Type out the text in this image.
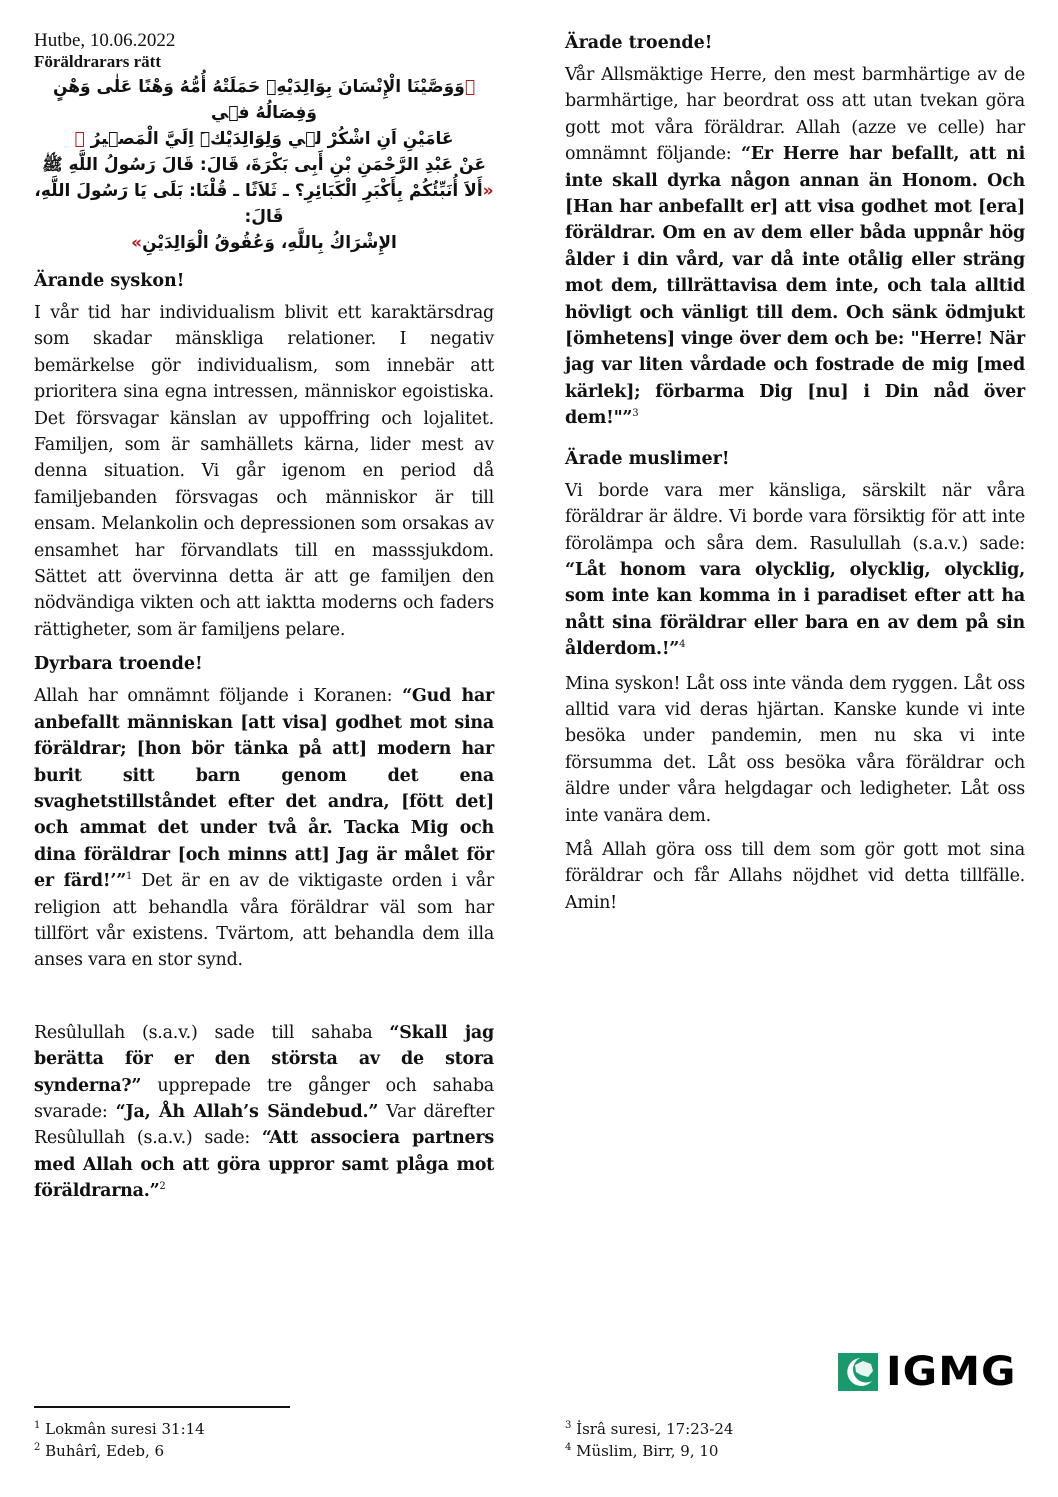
Hutbe, 10.06.2022

Föräldrarars rätt

﴿وَوَصَّيْنَا الْإِنْسَانَ بِوَالِدَيْهِۚ حَمَلَتْهُ أُمُّهُ وَهْنًا عَلٰى وَهْنٍ وَفِصَالُهُ فٖي

عَامَيْنِ اَنِ اشْكُرْ لٖي وَلِوَالِدَيْكَۜ اِلَيَّ الْمَصٖيرُ ﴾

عَنْ عَبْدِ الرَّحْمَنِ بْنِ أَبِى بَكْرَةَ، قَالَ: قَالَ رَسُولُ اللَّهِ ﷺ

«أَلاَ أُنَبِّئُكُمْ بِأَكْبَرِ الْكَبَائِرِ؟ ـ ثَلاَثًا ـ قُلْنَا: بَلَى يَا رَسُولَ اللَّهِ، قَالَ:

الإِشْرَاكُ بِاللَّهِ، وَعُقُوقُ الْوَالِدَيْنِ»

Ärande syskon!

I vår tid har individualism blivit ett karaktärsdrag som skadar mänskliga relationer. I negativ bemärkelse gör individualism, som innebär att prioritera sina egna intressen, människor egoistiska. Det försvagar känslan av uppoffring och lojalitet. Familjen, som är samhällets kärna, lider mest av denna situation. Vi går igenom en period då familjebanden försvagas och människor är till ensam. Melankolin och depressionen som orsakas av ensamhet har förvandlats till en masssjukdom. Sättet att övervinna detta är att ge familjen den nödvändiga vikten och att iaktta moderns och faders rättigheter, som är familjens pelare.

Dyrbara troende!

Allah har omnämnt följande i Koranen: “Gud har anbefallt människan [att visa] godhet mot sina föräldrar; [hon bör tänka på att] modern har burit sitt barn genom det ena svaghetstillståndet efter det andra, [fött det] och ammat det under två år. Tacka Mig och dina föräldrar [och minns att] Jag är målet för er färd!’”$^1$ Det är en av de viktigaste orden i vår religion att behandla våra föräldrar väl som har tillfört vår existens. Tvärtom, att behandla dem illa anses vara en stor synd.

Resûlullah (s.a.v.) sade till sahaba “Skall jag berätta för er den största av de stora synderna?” upprepade tre gånger och sahaba svarade: “Ja, Åh Allah’s Sändebud.” Var därefter Resûlullah (s.a.v.) sade: “Att associera partners med Allah och att göra uppror samt plåga mot föräldrarna.”$^2$

Ärade troende!

Vår Allsmäktige Herre, den mest barmhärtige av de barmhärtige, har beordrat oss att utan tvekan göra gott mot våra föräldrar. Allah (azze ve celle) har omnämnt följande: “Er Herre har befallt, att ni inte skall dyrka någon annan än Honom. Och [Han har anbefallt er] att visa godhet mot [era] föräldrar. Om en av dem eller båda uppnår hög ålder i din vård, var då inte otålig eller sträng mot dem, tillrättavisa dem inte, och tala alltid hövligt och vänligt till dem. Och sänk ödmjukt [ömhetens] vinge över dem och be: "Herre! När jag var liten vårdade och fostrade de mig [med kärlek]; förbarma Dig [nu] i Din nåd över dem!"”$^3$

Ärade muslimer!

Vi borde vara mer känsliga, särskilt när våra föräldrar är äldre. Vi borde vara försiktig för att inte förolämpa och såra dem. Rasulullah (s.a.v.) sade: “Låt honom vara olycklig, olycklig, olycklig, som inte kan komma in i paradiset efter att ha nått sina föräldrar eller bara en av dem på sin ålderdom.!”$^4$

Mina syskon! Låt oss inte vända dem ryggen. Låt oss alltid vara vid deras hjärtan. Kanske kunde vi inte besöka under pandemin, men nu ska vi inte försumma det. Låt oss besöka våra föräldrar och äldre under våra helgdagar och ledigheter. Låt oss inte vanära dem.

Må Allah göra oss till dem som gör gott mot sina föräldrar och får Allahs nöjdhet vid detta tillfälle. Amin!

IGMG

$^1$ Lokmân suresi 31:14

$^2$ Buhârî, Edeb, 6

$^3$ İsrâ suresi, 17:23-24

$^4$ Müslim, Birr, 9, 10
